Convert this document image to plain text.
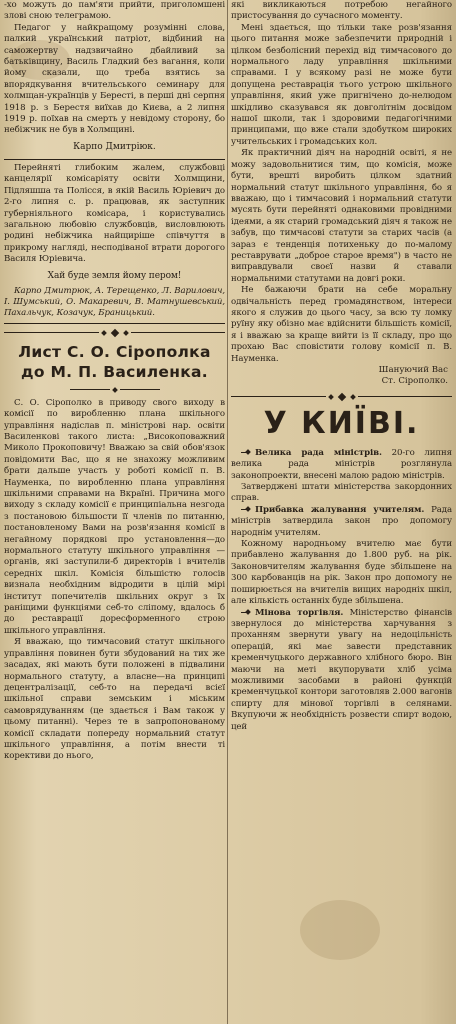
-хо можуть до пам'яти прийти, приголомшені злові сною телеграмою.

Педагог у найкращому розумінні слова, палкий український патріот, відбиний на саможертву надзвичайно дбайливий за батьківщину, Василь Гладкий без вагання, коли йому сказали, що треба взятись за впорядкування вчительського семинару для холмщан-українців у Бересті, в перші дні серпня 1918 р. з Берестя виїхав до Києва, а 2 липня 1919 р. поїхав на смерть у невідому сторону, бо небіжчик не був в Холмщині.

Карпо Дмитріюк.

Перейняті глибоким жалем, службовці канцелярії комісаріяту освіти Холмщини, Підляшша та Полісся, в якій Василь Юріевич до 2-го липня с. р. працював, як заступник губерніяльного комісара, і користувались загальною любовію службовців, висловлюють родині небіжчика найщиріше співчуття в прикрому нагляді, несподіваної втрати дорогого Василя Юріевича.

Хай буде земля йому пером!

Карпо Дмитрюк, А. Терещенко, Л. Варилович, І. Шумський, О. Макаревич, В. Матнушевський, Пахальчук, Козачук, Браницький.

Лист С. О. Сірополка до М. П. Василенка.

С. О. Сірополко в приводу свого виходу в комісії по виробленню плана шкільного управління надіслав п. міністрові нар. освіти Василенкові такого листа: „Високоповажний Миколо Прокоповичу! Вважаю за свій обов'язок повідомити Вас, що я не знахожу можливим брати дальше участь у роботі комісії п. В. Науменка, по виробленню плана управління шкільними справами на Вкраїні. Причина мого виходу з складу комісії є принципіальна незгода з постановою більшости її членів по питанню, постановленому Вами на розв'язання комісії в негайному порядкові про установлення—до нормального статуту шкільного управління —органів, які заступили-б директорів і вчителів середніх шкіл. Комісія більшістю голосів визнала необхідним відродити в цілій мірі інститут попечителів шкільних округ з їх раніщими функціями себ-то сліпому, вдалось б до реставрації доресформенного строю шкільного управління.

Я вважаю, що тимчасовий статут шкільного управління повинен бути збудований на тих же засадах, які мають бути положені в підвалини нормального статуту, а власне—на принципі децентралізації, себ-то на передачі всієї шкільної справи земським і міським самоврядуванням (це здається і Вам також у цьому питанні). Через те в запропонованому комісії складати попереду нормальний статут шкільного управління, а потім внести ті корективи до нього,

які викликаються потребою негайного пристосування до сучасного моменту.

Мені здається, що тільки таке розв'язання цього питання може забезпечити природній і цілком безболісний перехід від тимчасового до нормального ладу управління шкільними справами. І у всякому разі не може бути допущена реставрація тього устрою шкільного управління, який уже пригнічено до-нелюдом шкідливо сказувався як довголітнім досвідом нашої школи, так і здоровими педагогічними принципами, що вже стали здобутком широких учительських і громадських кол.

Як практичний діяч на народній освіті, я не можу задовольнитися тим, що комісія, може бути, врешті виробить цілком здатний нормальний статут шкільного управління, бо я вважаю, що і тимчасовий і нормальний статути мусять бути перейняті однаковими провідними ідеями, а як старий громадський діяч я також не забув, що тимчасові статути за старих часів (а зараз є тенденція потихеньку до по-малому реставрувати „доброе старое время") в часто не виправдували своєї назви й ставали нормальними статутами на довгі роки.

Не бажаючи брати на себе моральну одвічальність перед громадянством, інтереси якого я служив до цього часу, за всю ту ломку руїну яку обізно має вдійснити більшість комісії, я і вважаю за краще вийти із її складу, про що прохаю Вас сповістити голову комісії п. В. Науменка.

Шануючий Вас
Ст. Сірополко.
У КИЇВІ.

Велика рада міністрів. 20-го липня велика рада міністрів розглянула законопроекти, внесені малою радою міністрів.

Затверджені штати міністерства закордонних справ.

Прибавка жалування учителям. Рада міністрів затвердила закон про допомогу народнім учителям.

Кожному народньому вчителю має бути прибавлено жалування до 1.800 руб. на рік. Законовчителям жалування буде збільшене на 300 карбованців на рік. Закон про допомогу не поширюється на вчителів вищих народніх шкіл, але кількість останніх буде збільшена.

Мінова торгівля. Міністерство фінансів звернулося до міністерства харчування з проханням звернути увагу на недоцільність операцій, які має завести представник кременчуцького державного хлібного бюро. Він маючи на меті вкупорувати хліб усіма можливими засобами в районі функцій кременчуцької контори заготовляв 2.000 вагонів спирту для мінової торгівлі в селянами. Вкупуючи ж необхідність розвести спирт водою, цей
